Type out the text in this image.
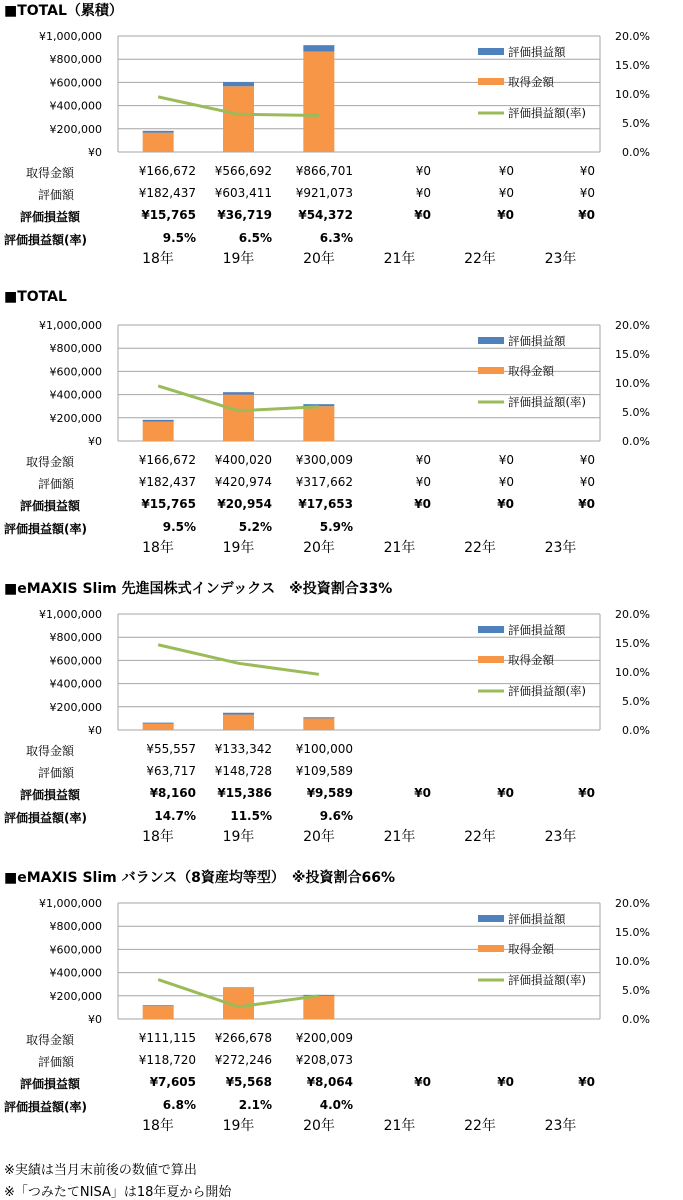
■TOTAL（累積）
¥1,000,000
¥800,000
¥600,000
¥400,000
¥200,000
¥0
20.0%
15.0%
10.0%
5.0%
0.0%
評価損益額
取得金額
評価損益額(率)
取得金額	¥166,672	¥566,692	¥866,701	¥0	¥0	¥0
評価額	¥182,437	¥603,411	¥921,073	¥0	¥0	¥0
評価損益額	¥15,765	¥36,719	¥54,372	¥0	¥0	¥0
評価損益額(率)	9.5%	6.5%	6.3%
18年	19年	20年	21年	22年	23年
■TOTAL
¥1,000,000
¥800,000
¥600,000
¥400,000
¥200,000
¥0
20.0%
15.0%
10.0%
5.0%
0.0%
評価損益額
取得金額
評価損益額(率)
取得金額	¥166,672	¥400,020	¥300,009	¥0	¥0	¥0
評価額	¥182,437	¥420,974	¥317,662	¥0	¥0	¥0
評価損益額	¥15,765	¥20,954	¥17,653	¥0	¥0	¥0
評価損益額(率)	9.5%	5.2%	5.9%
18年	19年	20年	21年	22年	23年
■eMAXIS Slim 先進国株式インデックス　※投資割合33%
¥1,000,000
¥800,000
¥600,000
¥400,000
¥200,000
¥0
20.0%
15.0%
10.0%
5.0%
0.0%
評価損益額
取得金額
評価損益額(率)
取得金額	¥55,557	¥133,342	¥100,000
評価額	¥63,717	¥148,728	¥109,589
評価損益額	¥8,160	¥15,386	¥9,589	¥0	¥0	¥0
評価損益額(率)	14.7%	11.5%	9.6%
18年	19年	20年	21年	22年	23年
■eMAXIS Slim バランス（8資産均等型）　※投資割合66%
¥1,000,000
¥800,000
¥600,000
¥400,000
¥200,000
¥0
20.0%
15.0%
10.0%
5.0%
0.0%
評価損益額
取得金額
評価損益額(率)
取得金額	¥111,115	¥266,678	¥200,009
評価額	¥118,720	¥272,246	¥208,073
評価損益額	¥7,605	¥5,568	¥8,064	¥0	¥0	¥0
評価損益額(率)	6.8%	2.1%	4.0%
18年	19年	20年	21年	22年	23年
※実績は当月末前後の数値で算出
※「つみたてNISA」は18年夏から開始
